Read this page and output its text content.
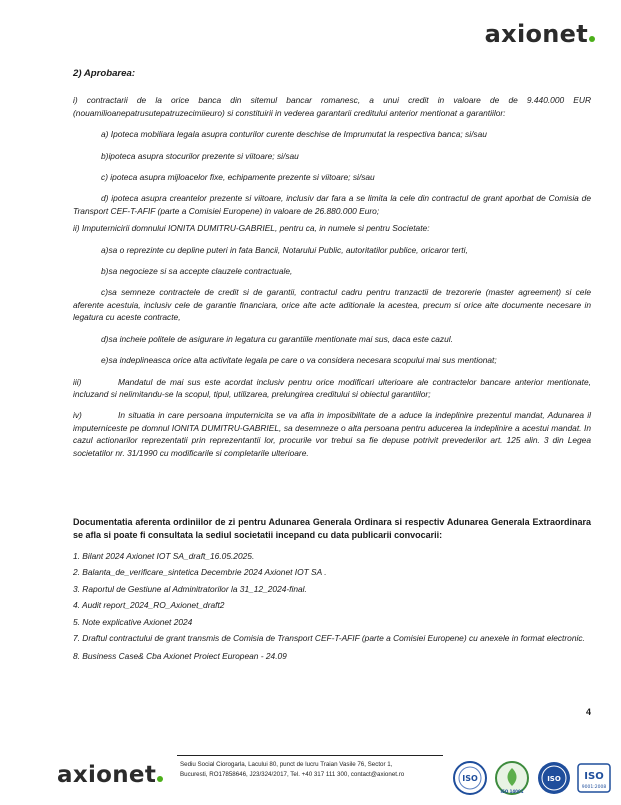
axionet

2) Aprobarea:

i) contractarii de la orice banca din sitemul bancar romanesc, a unui credit in valoare de de 9.440.000 EUR (nouamilioanepatrusutepatruzecimiieuro) si constituirii in vederea garantarii creditului anterior mentionat a garantiilor:

a) Ipoteca mobiliara legala asupra conturilor curente deschise de Imprumutat la respectiva banca; si/sau

b)ipoteca asupra stocurilor prezente si viitoare; si/sau

c) ipoteca asupra mijloacelor fixe, echipamente prezente si viitoare; si/sau

d) ipoteca asupra creantelor prezente si viitoare, inclusiv dar fara a se limita la cele din contractul de grant aporbat de Comisia de Transport CEF-T-AFIF (parte a Comisiei Europene) in valoare de 26.880.000 Euro;

ii) Imputernicirii domnului IONITA DUMITRU-GABRIEL, pentru ca, in numele si pentru Societate:

a)sa o reprezinte cu depline puteri in fata Bancii, Notarului Public, autoritatilor publice, oricaror terti,

b)sa negocieze si sa accepte clauzele contractuale,

c)sa semneze contractele de credit si de garantii, contractul cadru pentru tranzactii de trezorerie (master agreement) si cele aferente acestuia, inclusiv cele de garantie financiara, orice alte acte aditionale la acestea, precum si orice alte documente necesare in legatura cu aceste contracte,

d)sa incheie politele de asigurare in legatura cu garantiile mentionate mai sus, daca este cazul.

e)sa indeplineasca orice alta activitate legala pe care o va considera necesara scopului mai sus mentionat;

iii)	Mandatul de mai sus este acordat inclusiv pentru orice modificari ulterioare ale contractelor bancare anterior mentionate, incluzand si nelimitandu-se la scopul, tipul, utilizarea, prelungirea creditului si obiectul garantiilor;

iv)	In situatia in care persoana imputernicita se va afla in imposibilitate de a aduce la indeplinire prezentul mandat, Adunarea il imputerniceste pe domnul IONITA DUMITRU-GABRIEL, sa desemneze o alta persoana pentru aducerea la indeplinire a acestui mandat. In cazul actionarilor reprezentatii prin reprezentantii lor, procurile vor trebui sa fie depuse potrivit prevederilor art. 125 alin. 3 din Legea societatilor nr. 31/1990 cu modificarile si completarile ulterioare.

Documentatia aferenta ordiniilor de zi pentru Adunarea Generala Ordinara si respectiv Adunarea Generala Extraordinara se afla si poate fi consultata la sediul societatii incepand cu data publicarii convocarii:

1. Bilant 2024 Axionet IOT SA_draft_16.05.2025.
2. Balanta_de_verificare_sintetica Decembrie 2024 Axionet IOT SA .
3. Raportul de Gestiune al Adminitratorilor la 31_12_2024-final.
4. Audit report_2024_RO_Axionet_draft2
5. Note explicative Axionet 2024
7. Draftul contractului de grant transmis de Comisia de Transport CEF-T-AFIF (parte a Comisiei Europene) cu anexele in format electronic.
8. Business Case& Cba Axionet Proiect European - 24.09
4
axionet	Sediu Social Ciorogarla, Lacului 80, punct de lucru Traian Vasile 76, Sector 1, Bucuresti, RO17858646, J23/324/2017, Tel. +40 317 111 300, contact@axionet.ro	ISO
ISO 14001
ISO ISO
9001:2008
